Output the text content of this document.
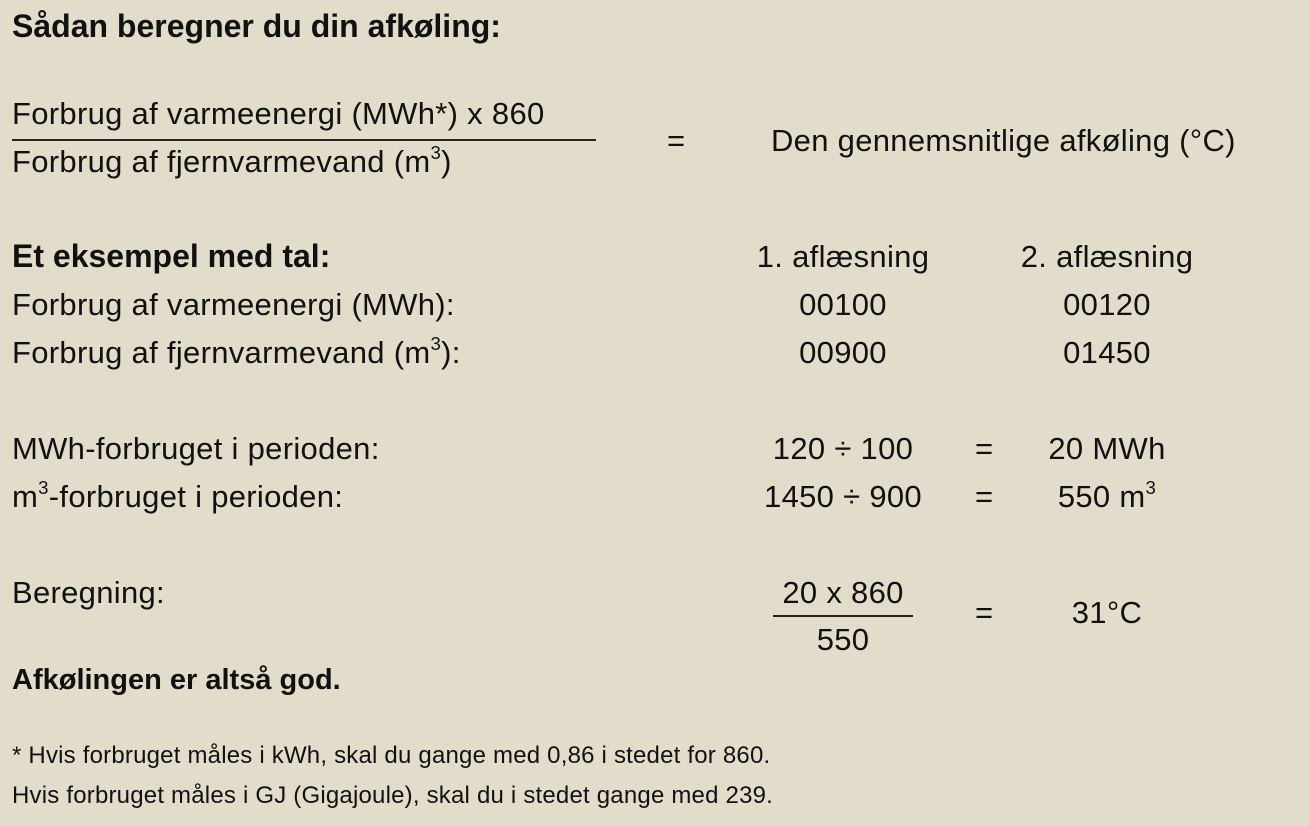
Sådan beregner du din afkøling:
Forbrug af varmeenergi (MWh*) x 860
Forbrug af fjernvarmevand $(m^3)$
=	Den gennemsnitlige afkøling (°C)
Et eksempel med tal:	1. aflæsning	2. aflæsning
Forbrug af varmeenergi (MWh):	00100	00120
Forbrug af fjernvarmevand $(m^3)$:	00900	01450
MWh-forbruget i perioden:	120 ÷ 100	=	20 MWh
$m^3$-forbruget i perioden:	1450 ÷ 900	=	550 $m^3$
Beregning:	20 x 860
550
=	31°C
Afkølingen er altså god.
* Hvis forbruget måles i kWh, skal du gange med 0,86 i stedet for 860.
Hvis forbruget måles i GJ (Gigajoule), skal du i stedet gange med 239.
